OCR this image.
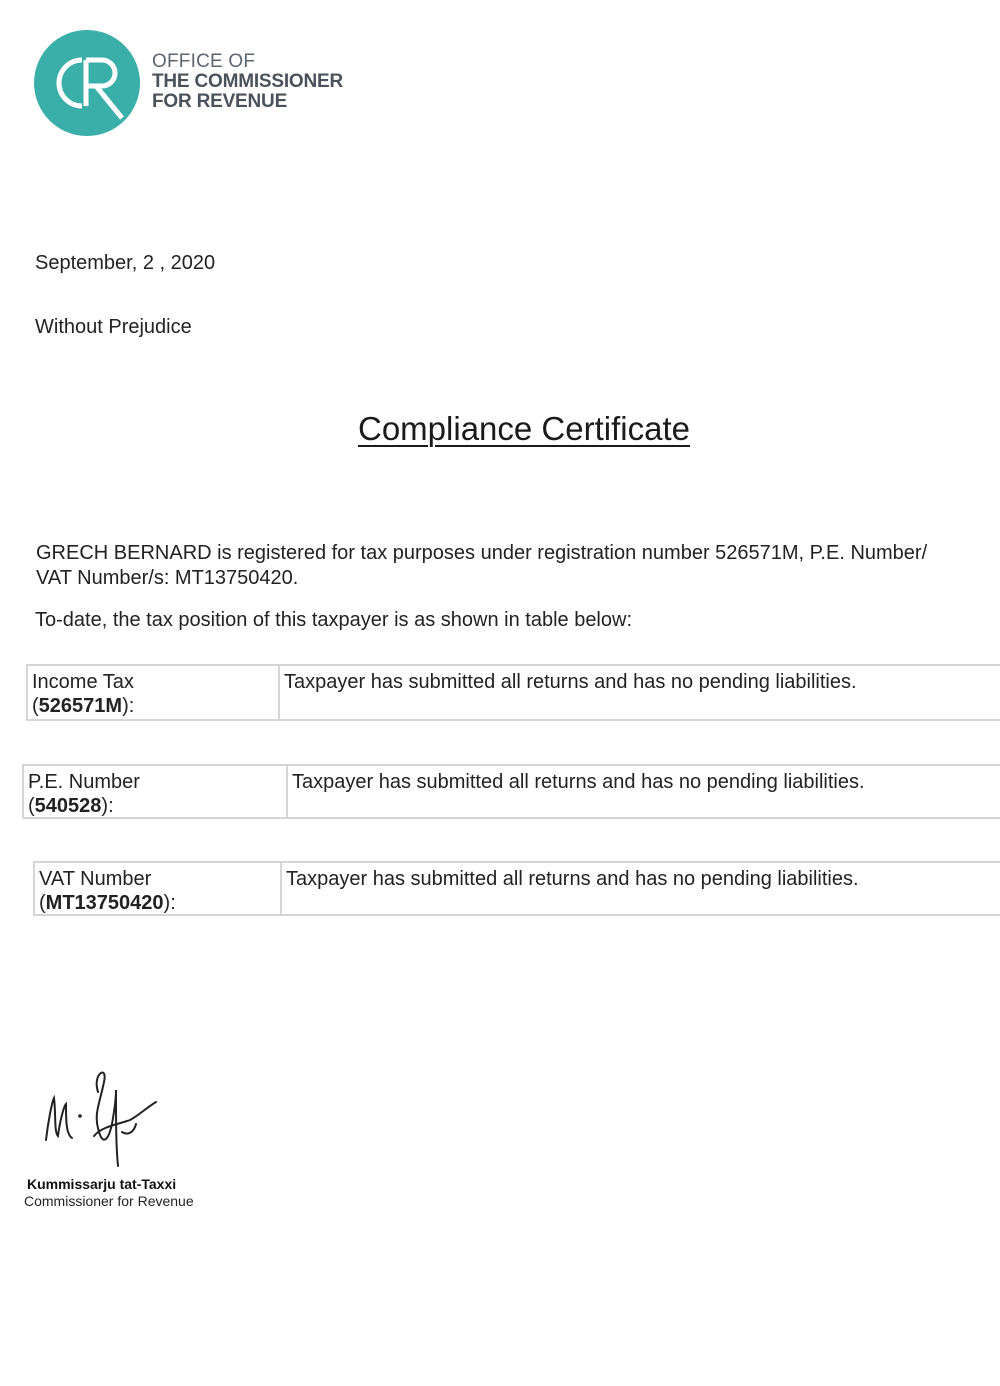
OFFICE OF
THE COMMISSIONER
FOR REVENUE
September, 2 , 2020
Without Prejudice
Compliance Certificate
GRECH BERNARD is registered for tax purposes under registration number 526571M, P.E. Number/
VAT Number/s: MT13750420.
To-date, the tax position of this taxpayer is as shown in table below:
Income Tax
(526571M):
Taxpayer has submitted all returns and has no pending liabilities.
P.E. Number
(540528):
Taxpayer has submitted all returns and has no pending liabilities.
VAT Number
(MT13750420):
Taxpayer has submitted all returns and has no pending liabilities.
Kummissarju tat-Taxxi
Commissioner for Revenue
